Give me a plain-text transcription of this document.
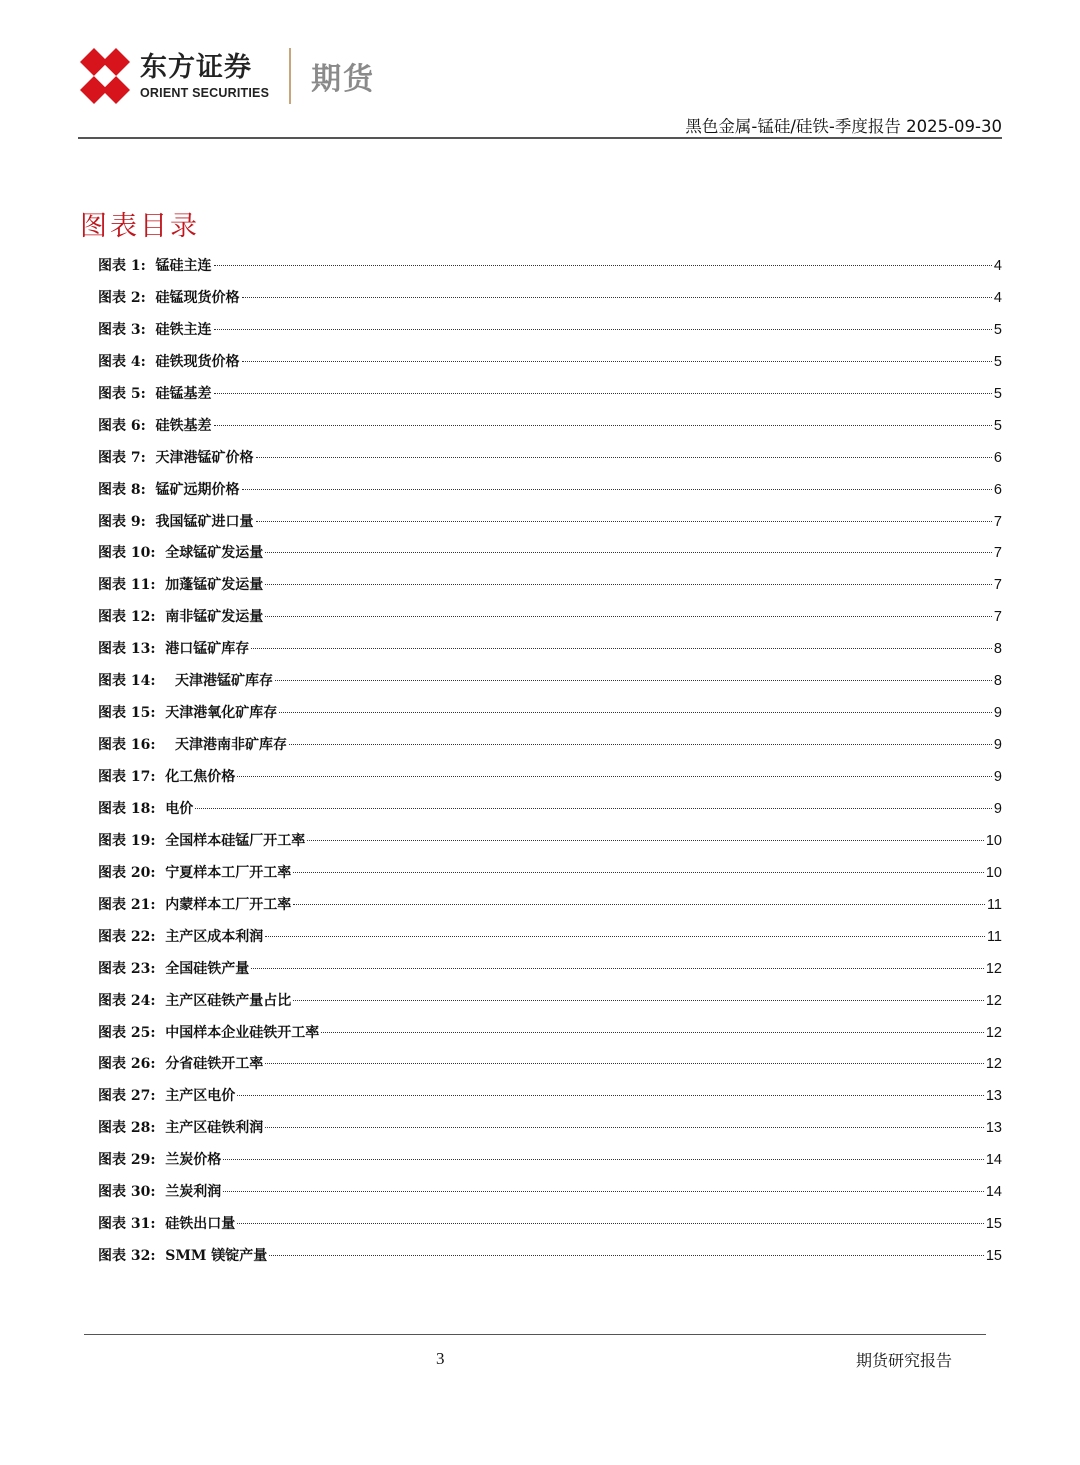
东方证券
ORIENT SECURITIES 期货
黑色金属-锰硅/硅铁-季度报告 2025-09-30
图表目录
图表 1:  锰硅主连	4
图表 2:  硅锰现货价格	4
图表 3:  硅铁主连	5
图表 4:  硅铁现货价格	5
图表 5:  硅锰基差	5
图表 6:  硅铁基差	5
图表 7:  天津港锰矿价格	6
图表 8:  锰矿远期价格	6
图表 9:  我国锰矿进口量	7
图表 10:  全球锰矿发运量	7
图表 11:  加蓬锰矿发运量	7
图表 12:  南非锰矿发运量	7
图表 13:  港口锰矿库存	8
图表 14:    天津港锰矿库存	8
图表 15:  天津港氧化矿库存	9
图表 16:    天津港南非矿库存	9
图表 17:  化工焦价格	9
图表 18:  电价	9
图表 19:  全国样本硅锰厂开工率	10
图表 20:  宁夏样本工厂开工率	10
图表 21:  内蒙样本工厂开工率	11
图表 22:  主产区成本利润	11
图表 23:  全国硅铁产量	12
图表 24:  主产区硅铁产量占比	12
图表 25:  中国样本企业硅铁开工率	12
图表 26:  分省硅铁开工率	12
图表 27:  主产区电价	13
图表 28:  主产区硅铁利润	13
图表 29:  兰炭价格	14
图表 30:  兰炭利润	14
图表 31:  硅铁出口量	15
图表 32:  SMM 镁锭产量	15
3	期货研究报告
